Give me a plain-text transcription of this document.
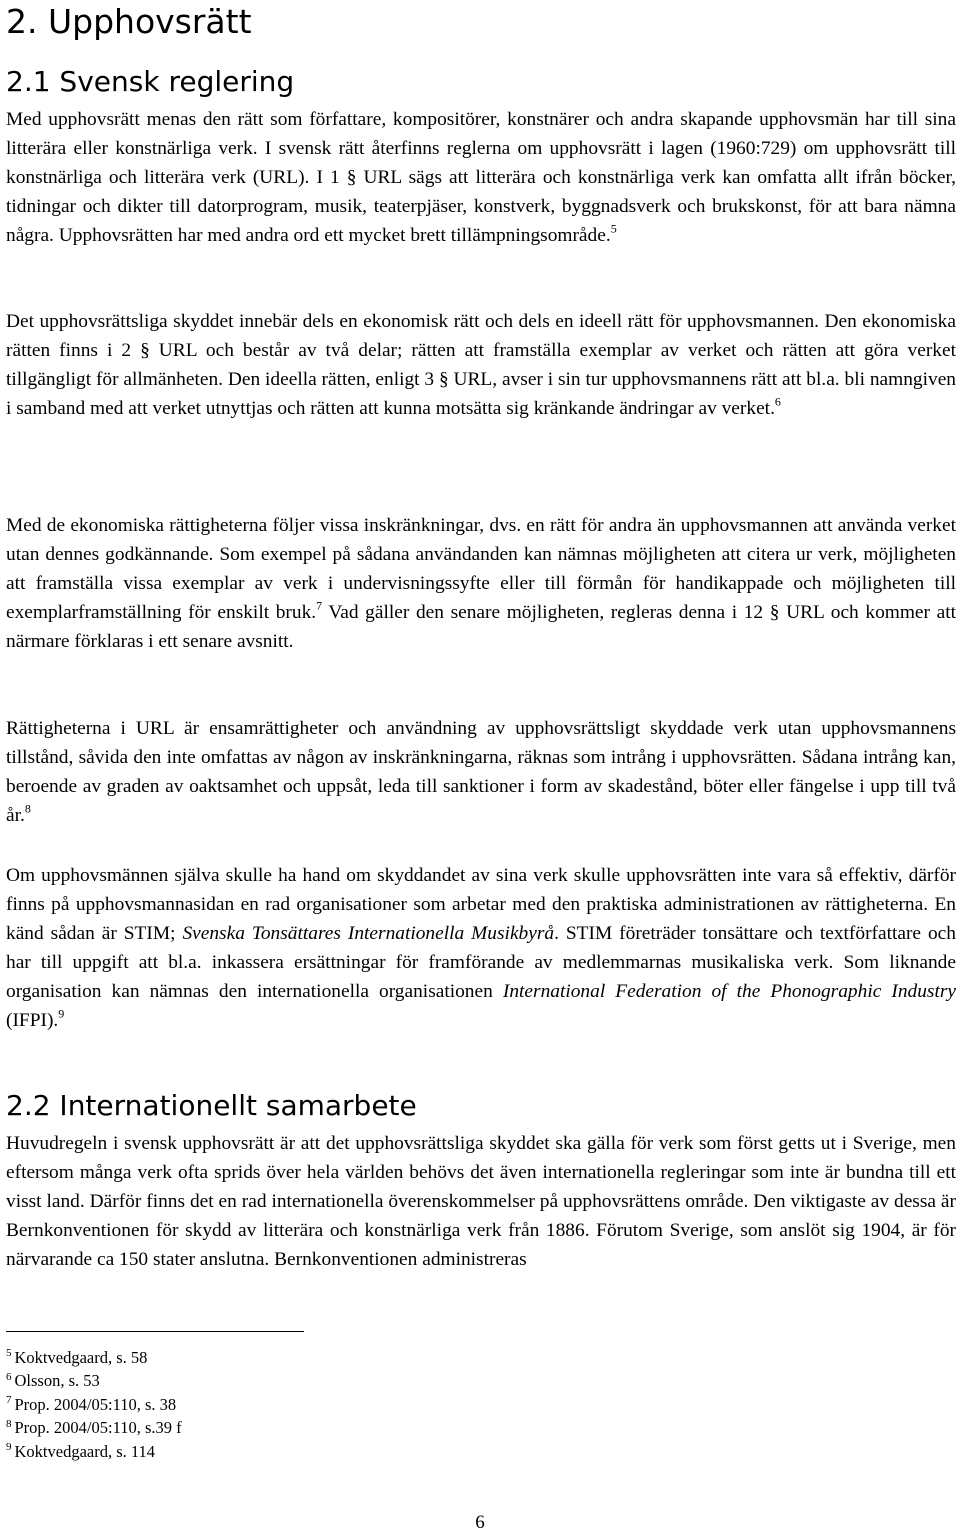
2. Upphovsrätt
2.1 Svensk reglering

Med upphovsrätt menas den rätt som författare, kompositörer, konstnärer och andra skapande upphovsmän har till sina litterära eller konstnärliga verk. I svensk rätt återfinns reglerna om upphovsrätt i lagen (1960:729) om upphovsrätt till konstnärliga och litterära verk (URL). I 1 § URL sägs att litterära och konstnärliga verk kan omfatta allt ifrån böcker, tidningar och dikter till datorprogram, musik, teaterpjäser, konstverk, byggnadsverk och brukskonst, för att bara nämna några. Upphovsrätten har med andra ord ett mycket brett tillämpningsområde.$^5$

Det upphovsrättsliga skyddet innebär dels en ekonomisk rätt och dels en ideell rätt för upphovsmannen. Den ekonomiska rätten finns i 2 § URL och består av två delar; rätten att framställa exemplar av verket och rätten att göra verket tillgängligt för allmänheten. Den ideella rätten, enligt 3 § URL, avser i sin tur upphovsmannens rätt att bl.a. bli namngiven i samband med att verket utnyttjas och rätten att kunna motsätta sig kränkande ändringar av verket.$^6$

Med de ekonomiska rättigheterna följer vissa inskränkningar, dvs. en rätt för andra än upphovsmannen att använda verket utan dennes godkännande. Som exempel på sådana användanden kan nämnas möjligheten att citera ur verk, möjligheten att framställa vissa exemplar av verk i undervisningssyfte eller till förmån för handikappade och möjligheten till exemplarframställning för enskilt bruk.$^7$ Vad gäller den senare möjligheten, regleras denna i 12 § URL och kommer att närmare förklaras i ett senare avsnitt.

Rättigheterna i URL är ensamrättigheter och användning av upphovsrättsligt skyddade verk utan upphovsmannens tillstånd, såvida den inte omfattas av någon av inskränkningarna, räknas som intrång i upphovsrätten. Sådana intrång kan, beroende av graden av oaktsamhet och uppsåt, leda till sanktioner i form av skadestånd, böter eller fängelse i upp till två år.$^8$

Om upphovsmännen själva skulle ha hand om skyddandet av sina verk skulle upphovsrätten inte vara så effektiv, därför finns på upphovsmannasidan en rad organisationer som arbetar med den praktiska administrationen av rättigheterna. En känd sådan är STIM; Svenska Tonsättares Internationella Musikbyrå. STIM företräder tonsättare och textförfattare och har till uppgift att bl.a. inkassera ersättningar för framförande av medlemmarnas musikaliska verk. Som liknande organisation kan nämnas den internationella organisationen International Federation of the Phonographic Industry (IFPI).$^9$

2.2 Internationellt samarbete

Huvudregeln i svensk upphovsrätt är att det upphovsrättsliga skyddet ska gälla för verk som först getts ut i Sverige, men eftersom många verk ofta sprids över hela världen behövs det även internationella regleringar som inte är bundna till ett visst land. Därför finns det en rad internationella överenskommelser på upphovsrättens område. Den viktigaste av dessa är Bernkonventionen för skydd av litterära och konstnärliga verk från 1886. Förutom Sverige, som anslöt sig 1904, är för närvarande ca 150 stater anslutna. Bernkonventionen administreras

$^5$ Koktvedgaard, s. 58
$^6$ Olsson, s. 53
$^7$ Prop. 2004/05:110, s. 38
$^8$ Prop. 2004/05:110, s.39 f
$^9$ Koktvedgaard, s. 114
6
